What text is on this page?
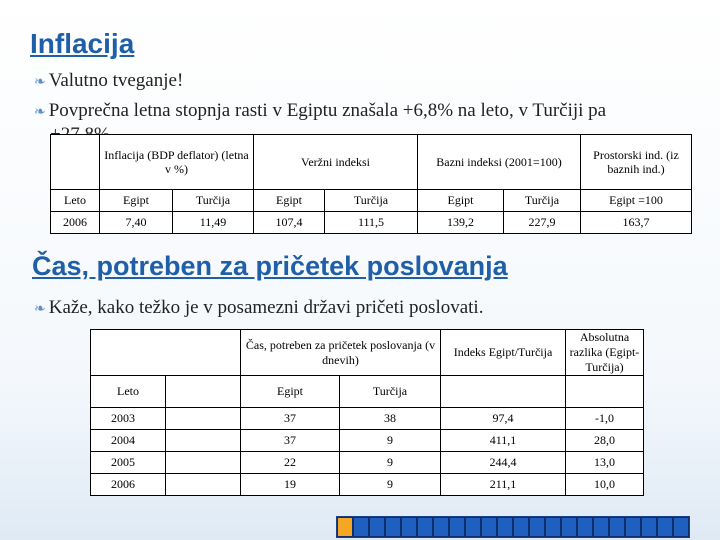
Inflacija
❧ Valutno tveganje!
❧ Povprečna letna stopnja rasti v Egiptu znašala +6,8% na leto, v Turčiji pa
	Inflacija (BDP deflator) (letna v %)		Veržni indeksi		Bazni indeksi (2001=100)		Prostorski ind. (iz baznih ind.)
Leto	Egipt	Turčija	Egipt	Turčija	Egipt	Turčija	Egipt =100
2006	7,40	11,49	107,4	111,5	139,2	227,9	163,7
Čas, potreben za pričetek poslovanja
❧ Kaže, kako težko je v posamezni državi pričeti poslovati.
		Čas, potreben za pričetek poslovanja (v dnevih)		Indeks Egipt/Turčija	Absolutna razlika (Egipt-Turčija)
Leto		Egipt	Turčija		
2003		37	38	97,4	-1,0
2004		37	9	411,1	28,0
2005		22	9	244,4	13,0
2006		19	9	211,1	10,0
